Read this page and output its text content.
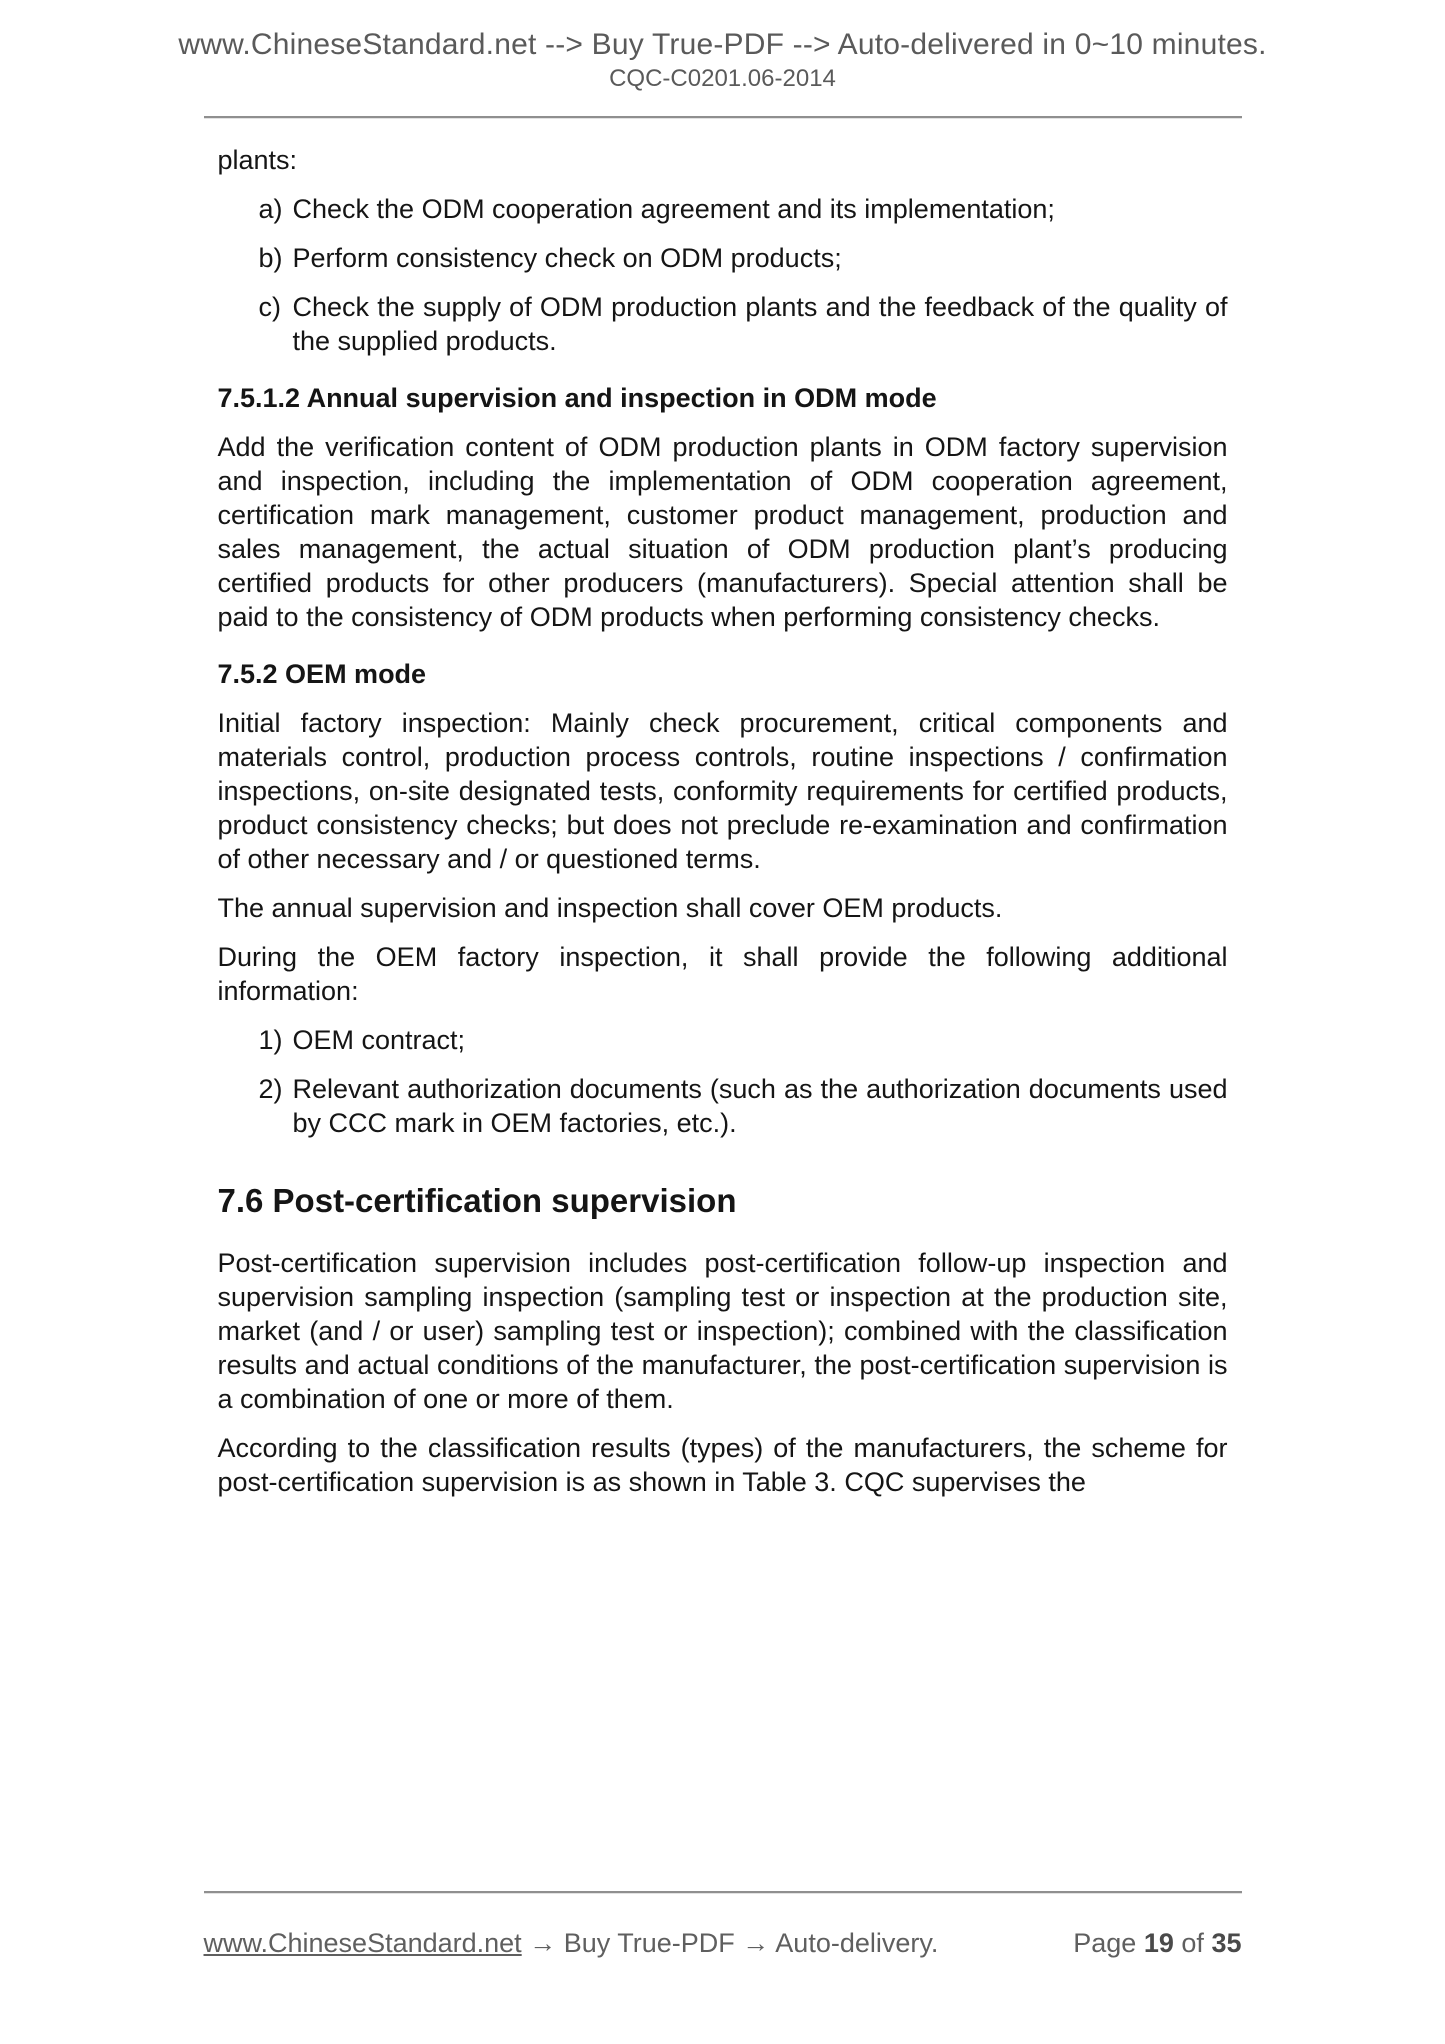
www.ChineseStandard.net --> Buy True-PDF --> Auto-delivered in 0~10 minutes.
CQC-C0201.06-2014

plants:

a) Check the ODM cooperation agreement and its implementation;
b) Perform consistency check on ODM products;
c) Check the supply of ODM production plants and the feedback of the quality of the supplied products.
7.5.1.2 Annual supervision and inspection in ODM mode

Add the verification content of ODM production plants in ODM factory supervision and inspection, including the implementation of ODM cooperation agreement, certification mark management, customer product management, production and sales management, the actual situation of ODM production plant’s producing certified products for other producers (manufacturers). Special attention shall be paid to the consistency of ODM products when performing consistency checks.

7.5.2 OEM mode

Initial factory inspection: Mainly check procurement, critical components and materials control, production process controls, routine inspections / confirmation inspections, on-site designated tests, conformity requirements for certified products, product consistency checks; but does not preclude re-examination and confirmation of other necessary and / or questioned terms.

The annual supervision and inspection shall cover OEM products.

During the OEM factory inspection, it shall provide the following additional information:

1) OEM contract;
2) Relevant authorization documents (such as the authorization documents used by CCC mark in OEM factories, etc.).
7.6 Post-certification supervision

Post-certification supervision includes post-certification follow-up inspection and supervision sampling inspection (sampling test or inspection at the production site, market (and / or user) sampling test or inspection); combined with the classification results and actual conditions of the manufacturer, the post-certification supervision is a combination of one or more of them.

According to the classification results (types) of the manufacturers, the scheme for post-certification supervision is as shown in Table 3. CQC supervises the

www.ChineseStandard.net → Buy True-PDF → Auto-delivery.	Page 19 of 35
